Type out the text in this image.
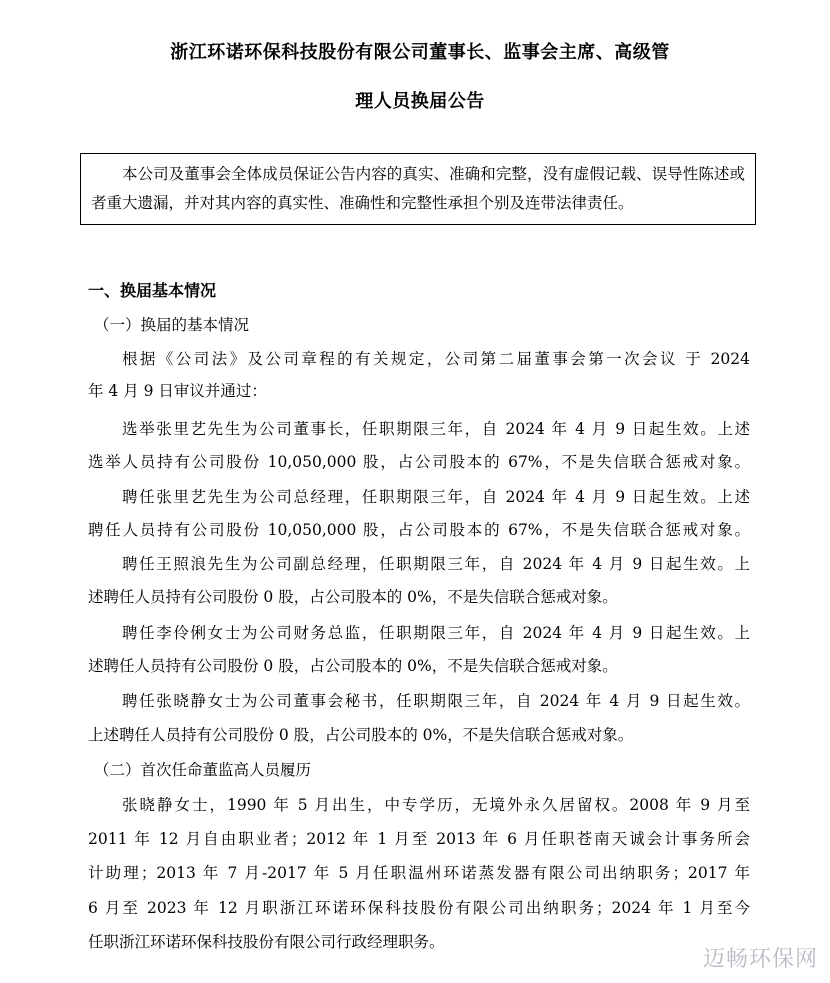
浙江环诺环保科技股份有限公司董事长、监事会主席、高级管
理人员换届公告
本公司及董事会全体成员保证公告内容的真实、准确和完整，没有虚假记载、误导性陈述或者重大遗漏，并对其内容的真实性、准确性和完整性承担个别及连带法律责任。
一、换届基本情况
（一）换届的基本情况
根据《公司法》及公司章程的有关规定，公司第二届董事会第一次会议 于 2024
年 4 月 9 日审议并通过：
选举张里艺先生为公司董事长，任职期限三年，自 2024 年 4 月 9 日起生效。上述
选举人员持有公司股份 10,050,000 股，占公司股本的 67%，不是失信联合惩戒对象。
聘任张里艺先生为公司总经理，任职期限三年，自 2024 年 4 月 9 日起生效。上述
聘任人员持有公司股份 10,050,000 股，占公司股本的 67%，不是失信联合惩戒对象。
聘任王照浪先生为公司副总经理，任职期限三年，自 2024 年 4 月 9 日起生效。上
述聘任人员持有公司股份 0 股，占公司股本的 0%，不是失信联合惩戒对象。
聘任李伶俐女士为公司财务总监，任职期限三年，自 2024 年 4 月 9 日起生效。上
述聘任人员持有公司股份 0 股，占公司股本的 0%，不是失信联合惩戒对象。
聘任张晓静女士为公司董事会秘书，任职期限三年，自 2024 年 4 月 9 日起生效。
上述聘任人员持有公司股份 0 股，占公司股本的 0%，不是失信联合惩戒对象。
（二）首次任命董监高人员履历
张晓静女士，1990 年 5 月出生，中专学历，无境外永久居留权。2008 年 9 月至
2011 年 12 月自由职业者；2012 年 1 月至 2013 年 6 月任职苍南天诚会计事务所会
计助理；2013 年 7 月-2017 年 5 月任职温州环诺蒸发器有限公司出纳职务；2017 年
6 月至 2023 年 12 月职浙江环诺环保科技股份有限公司出纳职务；2024 年 1 月至今
任职浙江环诺环保科技股份有限公司行政经理职务。
迈畅环保网
